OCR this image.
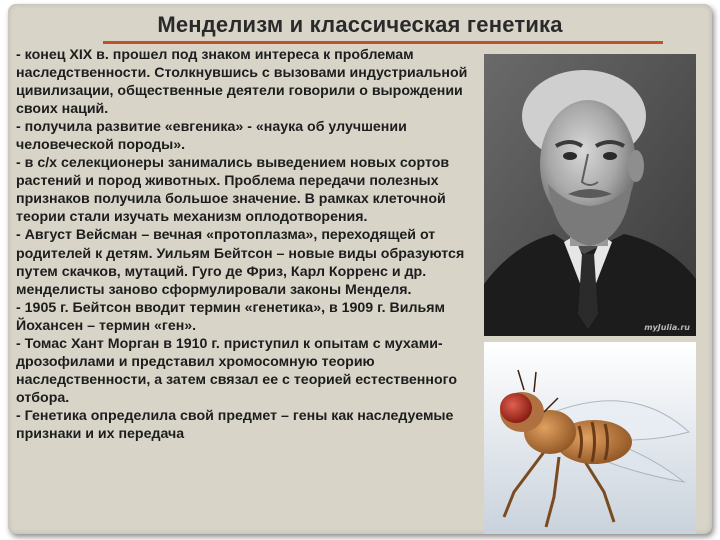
Менделизм и классическая генетика
- конец XIX в. прошел под знаком интереса к проблемам наследственности. Столкнувшись с вызовами индустриальной цивилизации, общественные деятели говорили о вырождении своих наций.
- получила развитие «евгеника» - «наука об улучшении человеческой породы».
- в с/х селекционеры занимались выведением новых сортов растений и пород животных. Проблема передачи полезных признаков получила большое значение. В рамках клеточной теории стали изучать механизм оплодотворения.
- Август Вейсман – вечная «протоплазма», переходящей от родителей к детям. Уильям Бейтсон – новые виды образуются путем скачков, мутаций. Гуго де Фриз, Карл Корренс и др. менделисты заново сформулировали законы Менделя.
- 1905 г. Бейтсон вводит термин «генетика», в 1909 г. Вильям Йохансен – термин «ген».
- Томас Хант Морган в 1910 г. приступил к опытам с мухами-дрозофилами и представил хромосомную теорию наследственности, а затем связал ее с теорией естественного отбора.
- Генетика определила свой предмет – гены как наследуемые признаки и их передача
myJulia.ru
